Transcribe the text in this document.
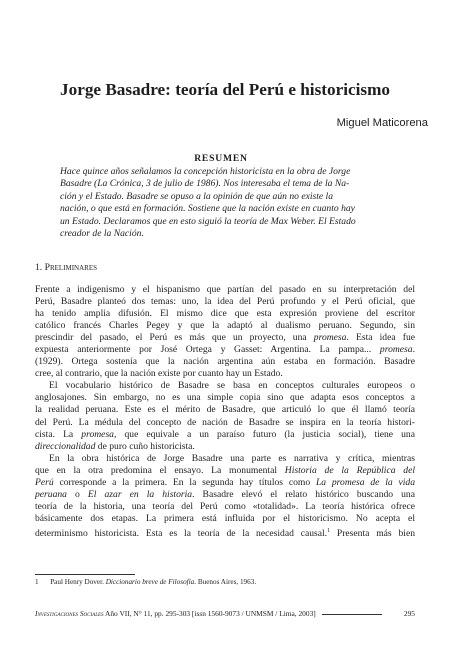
Jorge Basadre: teoría del Perú e historicismo
Miguel Maticorena
RESUMEN
Hace quince años señalamos la concepción historicista en la obra de Jorge
Basadre (La Crónica, 3 de julio de 1986). Nos interesaba el tema de la Na-
ción y el Estado. Basadre se opuso a la opinión de que aún no existe la
nación, o que está en formación. Sostiene que la nación existe en cuanto hay
un Estado. Declaramos que en esto siguió la teoría de Max Weber. El Estado
creador de la Nación.
1. Preliminares
Frente a indigenismo y el hispanismo que partían del pasado en su interpretación del
Perú, Basadre planteó dos temas: uno, la idea del Perú profundo y el Perú oficial, que
ha tenido amplia difusión. El mismo dice que esta expresión proviene del escritor
católico francés Charles Pegey y que la adaptó al dualismo peruano. Segundo, sin
prescindir del pasado, el Perú es más que un proyecto, una promesa. Esta idea fue
expuesta anteriormente por José Ortega y Gasset: Argentina. La pampa... promesa.
(1929). Ortega sostenía que la nación argentina aún estaba en formación. Basadre
cree, al contrario, que la nación existe por cuanto hay un Estado.
El vocabulario histórico de Basadre se basa en conceptos culturales europeos o
anglosajones. Sin embargo, no es una simple copia sino que adapta esos conceptos a
la realidad peruana. Este es el mérito de Basadre, que articuló lo que él llamó teoría
del Perú. La médula del concepto de nación de Basadre se inspira en la teoría histori-
cista. La promesa, que equivale a un paraíso futuro (la justicia social), tiene una
direccionalidad de puro cuño historicista.
En la obra histórica de Jorge Basadre una parte es narrativa y crítica, mientras
que en la otra predomina el ensayo. La monumental Historia de la República del
Perú corresponde a la primera. En la segunda hay títulos como La promesa de la vida
peruana o El azar en la historia. Basadre elevó el relato histórico buscando una
teoría de la historia, una teoría del Perú como «totalidad». La teoría histórica ofrece
básicamente dos etapas. La primera está influida por el historicismo. No acepta el
determinismo historicista. Esta es la teoría de la necesidad causal.$^1$ Presenta más bien
1 Paul Henry Dover. Diccionario breve de Filosofía. Buenos Aires, 1963.
Investigaciones Sociales Año VII, N° 11, pp. 295-303 [issn 1560-9073 / UNMSM / Lima, 2003]	295
